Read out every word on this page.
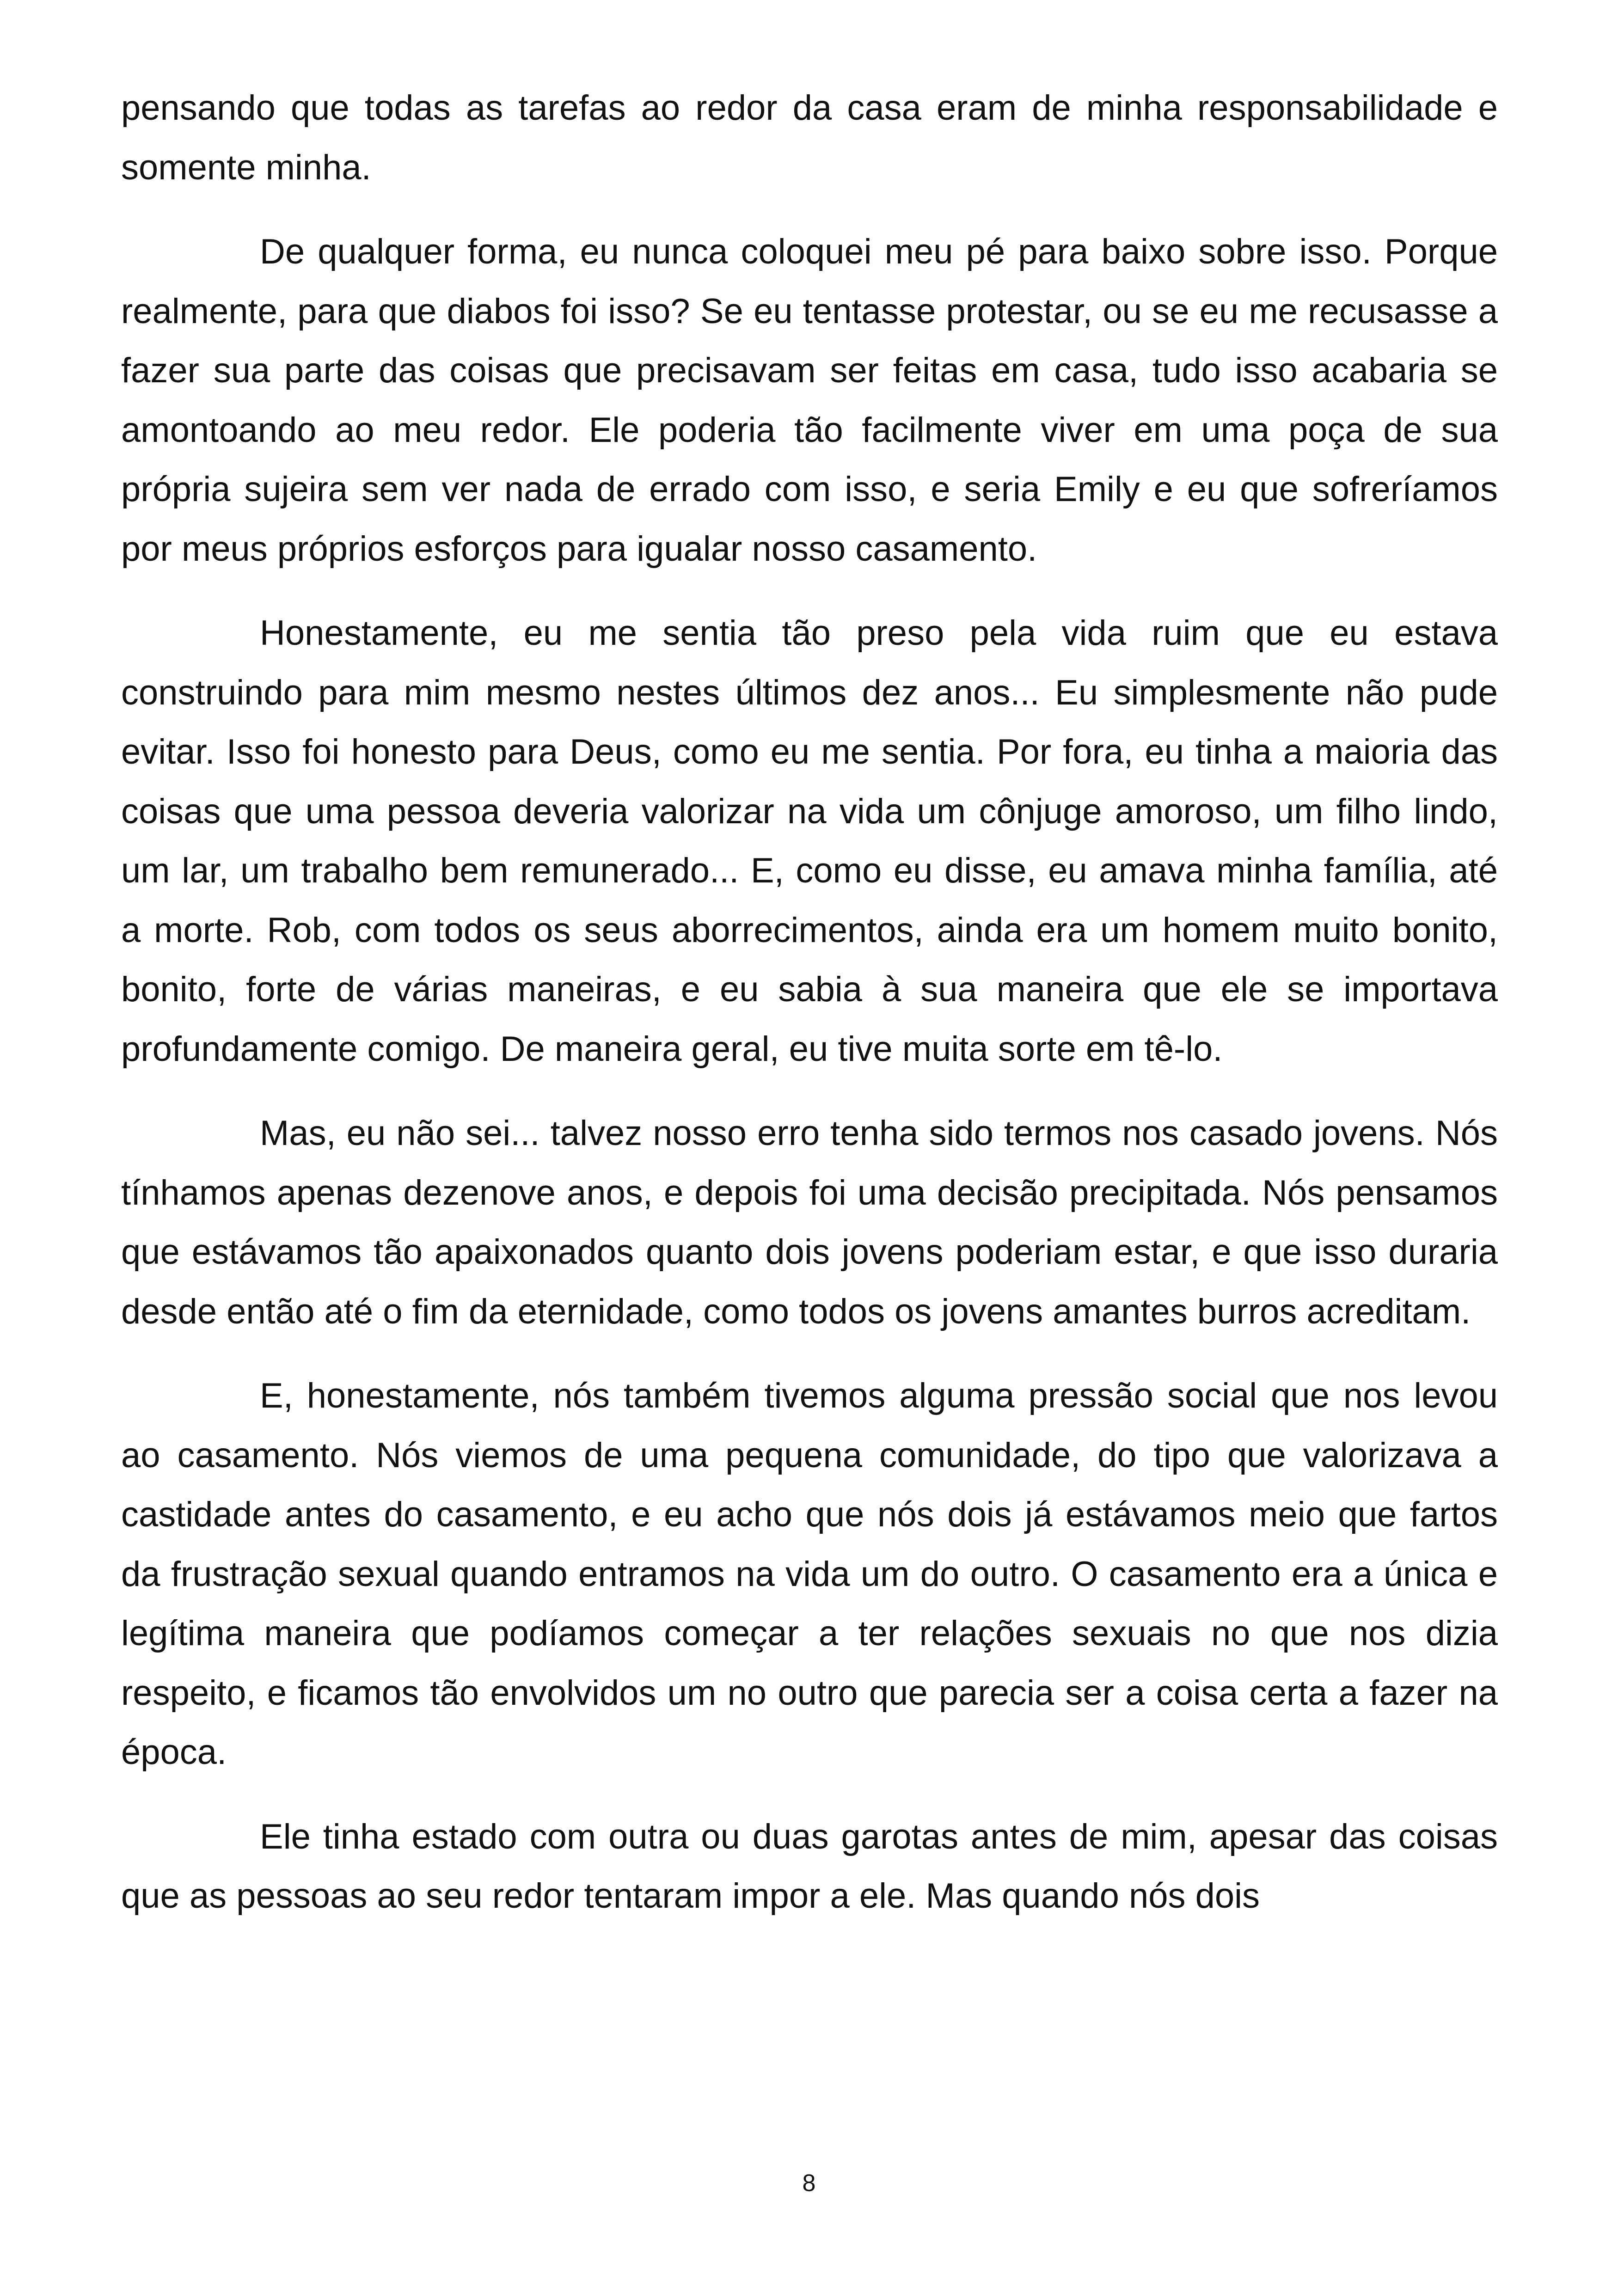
pensando que todas as tarefas ao redor da casa eram de minha responsabilidade e somente minha.

De qualquer forma, eu nunca coloquei meu pé para baixo sobre isso. Porque realmente, para que diabos foi isso? Se eu tentasse protestar, ou se eu me recusasse a fazer sua parte das coisas que precisavam ser feitas em casa, tudo isso acabaria se amontoando ao meu redor. Ele poderia tão facilmente viver em uma poça de sua própria sujeira sem ver nada de errado com isso, e seria Emily e eu que sofreríamos por meus próprios esforços para igualar nosso casamento.

Honestamente, eu me sentia tão preso pela vida ruim que eu estava construindo para mim mesmo nestes últimos dez anos... Eu simplesmente não pude evitar. Isso foi honesto para Deus, como eu me sentia. Por fora, eu tinha a maioria das coisas que uma pessoa deveria valorizar na vida um cônjuge amoroso, um filho lindo, um lar, um trabalho bem remunerado... E, como eu disse, eu amava minha família, até a morte. Rob, com todos os seus aborrecimentos, ainda era um homem muito bonito, bonito, forte de várias maneiras, e eu sabia à sua maneira que ele se importava profundamente comigo. De maneira geral, eu tive muita sorte em tê-lo.

Mas, eu não sei... talvez nosso erro tenha sido termos nos casado jovens. Nós tínhamos apenas dezenove anos, e depois foi uma decisão precipitada. Nós pensamos que estávamos tão apaixonados quanto dois jovens poderiam estar, e que isso duraria desde então até o fim da eternidade, como todos os jovens amantes burros acreditam.

E, honestamente, nós também tivemos alguma pressão social que nos levou ao casamento. Nós viemos de uma pequena comunidade, do tipo que valorizava a castidade antes do casamento, e eu acho que nós dois já estávamos meio que fartos da frustração sexual quando entramos na vida um do outro. O casamento era a única e legítima maneira que podíamos começar a ter relações sexuais no que nos dizia respeito, e ficamos tão envolvidos um no outro que parecia ser a coisa certa a fazer na época.

Ele tinha estado com outra ou duas garotas antes de mim, apesar das coisas que as pessoas ao seu redor tentaram impor a ele. Mas quando nós dois

8
